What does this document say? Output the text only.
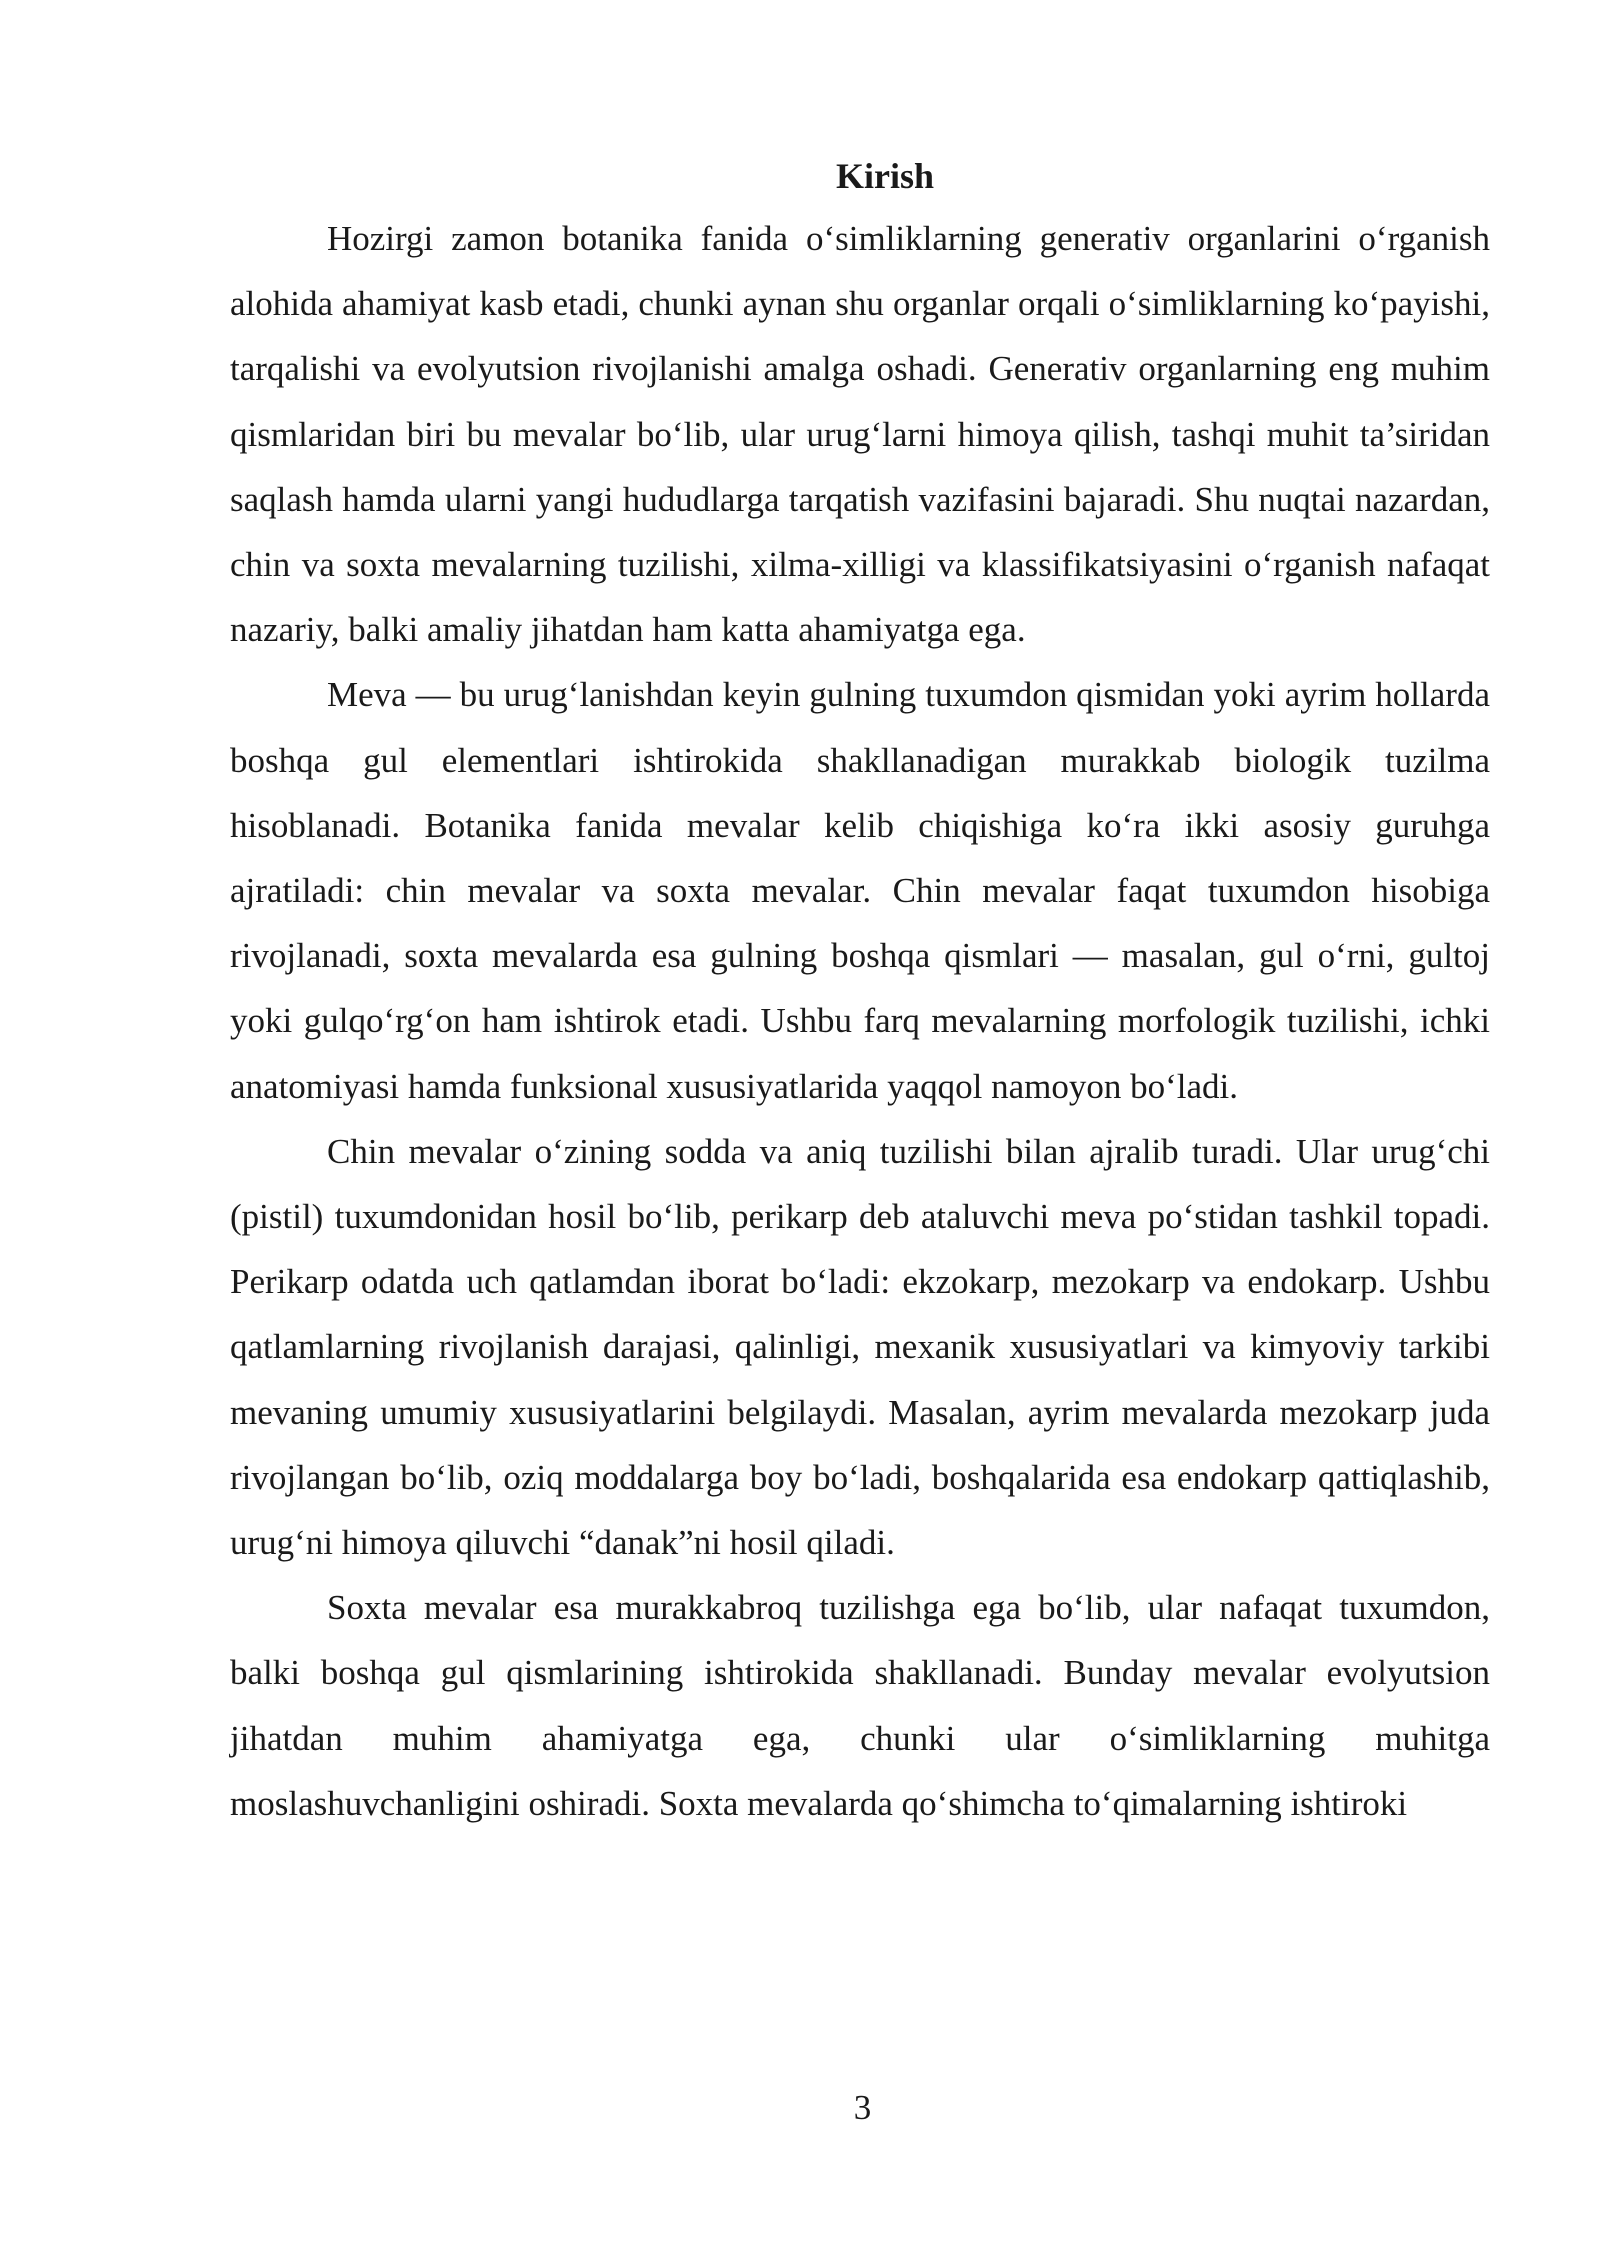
Kirish

Hozirgi zamon botanika fanida o‘simliklarning generativ organlarini o‘rganish alohida ahamiyat kasb etadi, chunki aynan shu organlar orqali o‘simliklarning ko‘payishi, tarqalishi va evolyutsion rivojlanishi amalga oshadi. Generativ organlarning eng muhim qismlaridan biri bu mevalar bo‘lib, ular urug‘larni himoya qilish, tashqi muhit ta’siridan saqlash hamda ularni yangi hududlarga tarqatish vazifasini bajaradi. Shu nuqtai nazardan, chin va soxta mevalarning tuzilishi, xilma-xilligi va klassifikatsiyasini o‘rganish nafaqat nazariy, balki amaliy jihatdan ham katta ahamiyatga ega.

Meva — bu urug‘lanishdan keyin gulning tuxumdon qismidan yoki ayrim hollarda boshqa gul elementlari ishtirokida shakllanadigan murakkab biologik tuzilma hisoblanadi. Botanika fanida mevalar kelib chiqishiga ko‘ra ikki asosiy guruhga ajratiladi: chin mevalar va soxta mevalar. Chin mevalar faqat tuxumdon hisobiga rivojlanadi, soxta mevalarda esa gulning boshqa qismlari — masalan, gul o‘rni, gultoj yoki gulqo‘rg‘on ham ishtirok etadi. Ushbu farq mevalarning morfologik tuzilishi, ichki anatomiyasi hamda funksional xususiyatlarida yaqqol namoyon bo‘ladi.

Chin mevalar o‘zining sodda va aniq tuzilishi bilan ajralib turadi. Ular urug‘chi (pistil) tuxumdonidan hosil bo‘lib, perikarp deb ataluvchi meva po‘stidan tashkil topadi. Perikarp odatda uch qatlamdan iborat bo‘ladi: ekzokarp, mezokarp va endokarp. Ushbu qatlamlarning rivojlanish darajasi, qalinligi, mexanik xususiyatlari va kimyoviy tarkibi mevaning umumiy xususiyatlarini belgilaydi. Masalan, ayrim mevalarda mezokarp juda rivojlangan bo‘lib, oziq moddalarga boy bo‘ladi, boshqalarida esa endokarp qattiqlashib, urug‘ni himoya qiluvchi “danak”ni hosil qiladi.

Soxta mevalar esa murakkabroq tuzilishga ega bo‘lib, ular nafaqat tuxumdon, balki boshqa gul qismlarining ishtirokida shakllanadi. Bunday mevalar evolyutsion jihatdan muhim ahamiyatga ega, chunki ular o‘simliklarning muhitga moslashuvchanligini oshiradi. Soxta mevalarda qo‘shimcha to‘qimalarning ishtiroki

3
